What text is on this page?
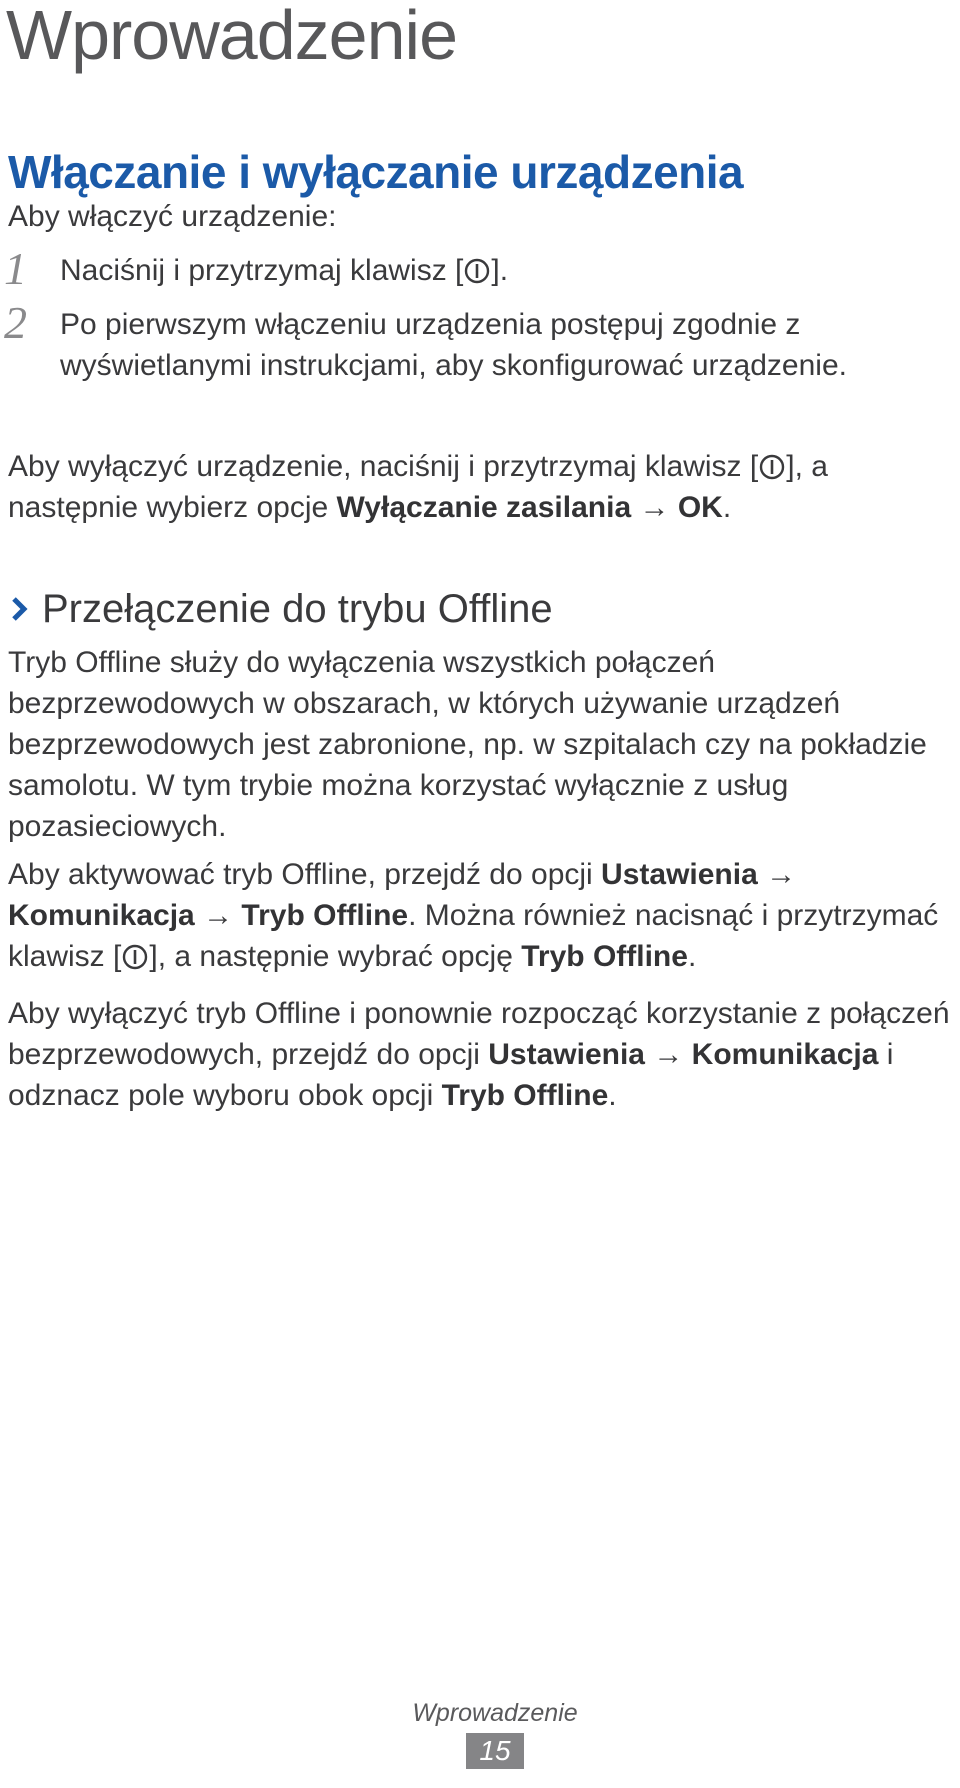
Wprowadzenie
Włączanie i wyłączanie urządzenia
Aby włączyć urządzenie:
1 Naciśnij i przytrzymaj klawisz [ ].
2 Po pierwszym włączeniu urządzenia postępuj zgodnie z wyświetlanymi instrukcjami, aby skonfigurować urządzenie.
Aby wyłączyć urządzenie, naciśnij i przytrzymaj klawisz [ ], a następnie wybierz opcje Wyłączanie zasilania → OK.
Przełączenie do trybu Offline
Tryb Offline służy do wyłączenia wszystkich połączeń bezprzewodowych w obszarach, w których używanie urządzeń bezprzewodowych jest zabronione, np. w szpitalach czy na pokładzie samolotu. W tym trybie można korzystać wyłącznie z usług pozasieciowych.
Aby aktywować tryb Offline, przejdź do opcji Ustawienia → Komunikacja → Tryb Offline. Można również nacisnąć i przytrzymać klawisz [ ], a następnie wybrać opcję Tryb Offline.
Aby wyłączyć tryb Offline i ponownie rozpocząć korzystanie z połączeń bezprzewodowych, przejdź do opcji Ustawienia → Komunikacja i odznacz pole wyboru obok opcji Tryb Offline.
Wprowadzenie
15
